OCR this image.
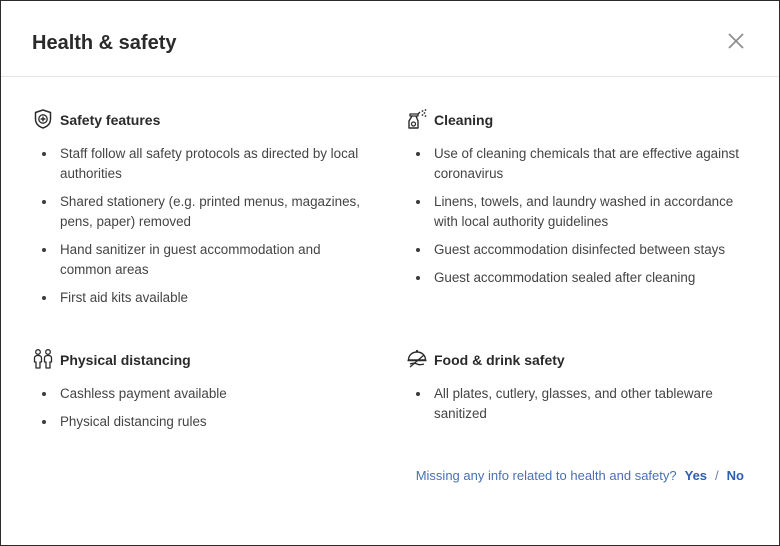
Health & safety
Safety features
Staff follow all safety protocols as directed by local authorities
Shared stationery (e.g. printed menus, magazines, pens, paper) removed
Hand sanitizer in guest accommodation and common areas
First aid kits available
Cleaning
Use of cleaning chemicals that are effective against coronavirus
Linens, towels, and laundry washed in accordance with local authority guidelines
Guest accommodation disinfected between stays
Guest accommodation sealed after cleaning
Physical distancing
Cashless payment available
Physical distancing rules
Food & drink safety
All plates, cutlery, glasses, and other tableware sanitized
Missing any info related to health and safety? Yes / No
